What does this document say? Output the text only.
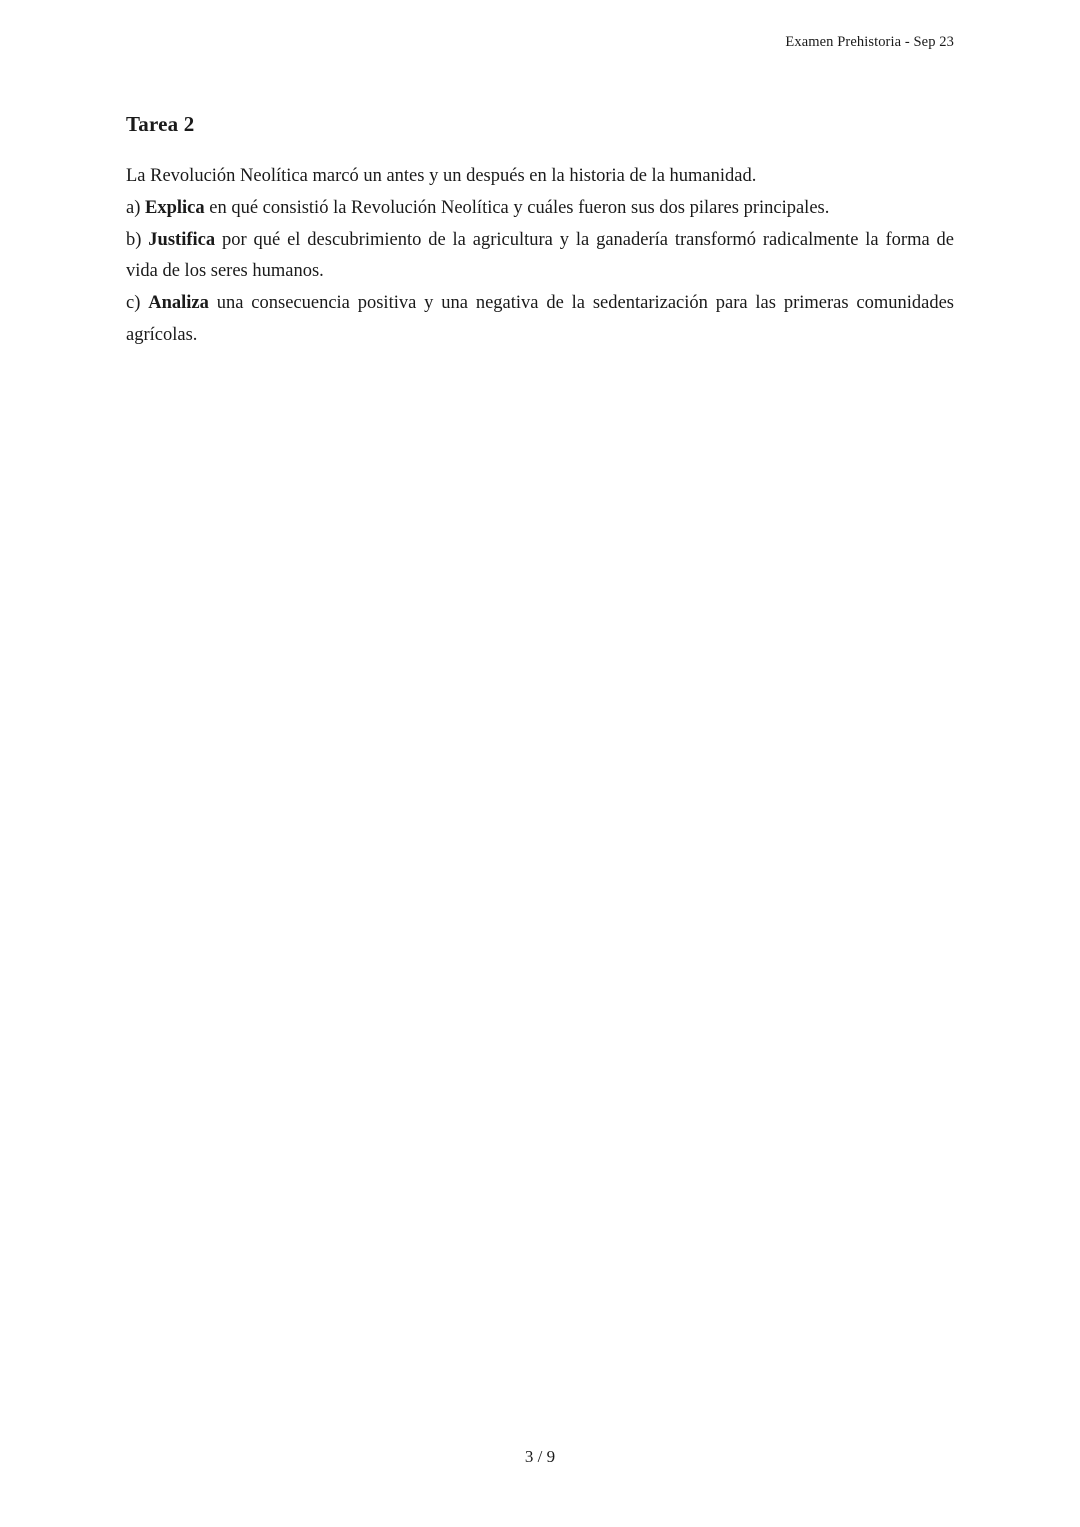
Examen Prehistoria - Sep 23
Tarea 2

La Revolución Neolítica marcó un antes y un después en la historia de la humanidad.

a) Explica en qué consistió la Revolución Neolítica y cuáles fueron sus dos pilares principales.

b) Justifica por qué el descubrimiento de la agricultura y la ganadería transformó radicalmente la forma de vida de los seres humanos.

c) Analiza una consecuencia positiva y una negativa de la sedentarización para las primeras comunidades agrícolas.

3 / 9
